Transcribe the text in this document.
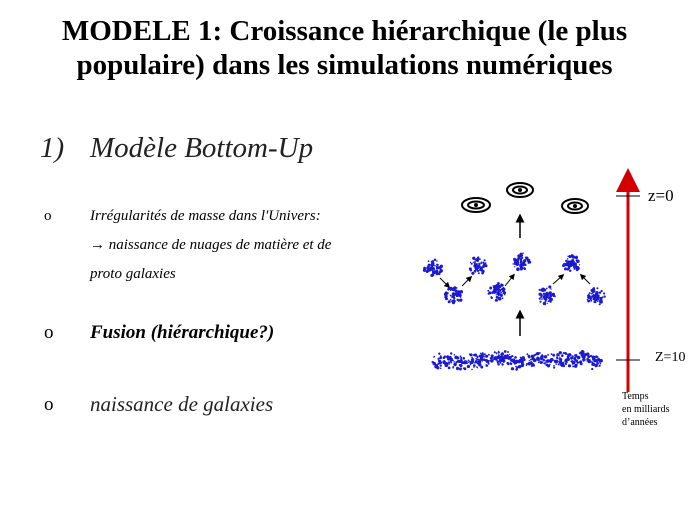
MODELE 1: Croissance hiérarchique (le plus
populaire) dans les simulations numériques
1) Modèle Bottom-Up
o	Irrégularités de masse dans l'Univers:
→ naissance de nuages de matière et de
proto galaxies
o Fusion (hiérarchique?)
o naissance de galaxies
z=0
Z=10
Temps
en milliards
d’années
